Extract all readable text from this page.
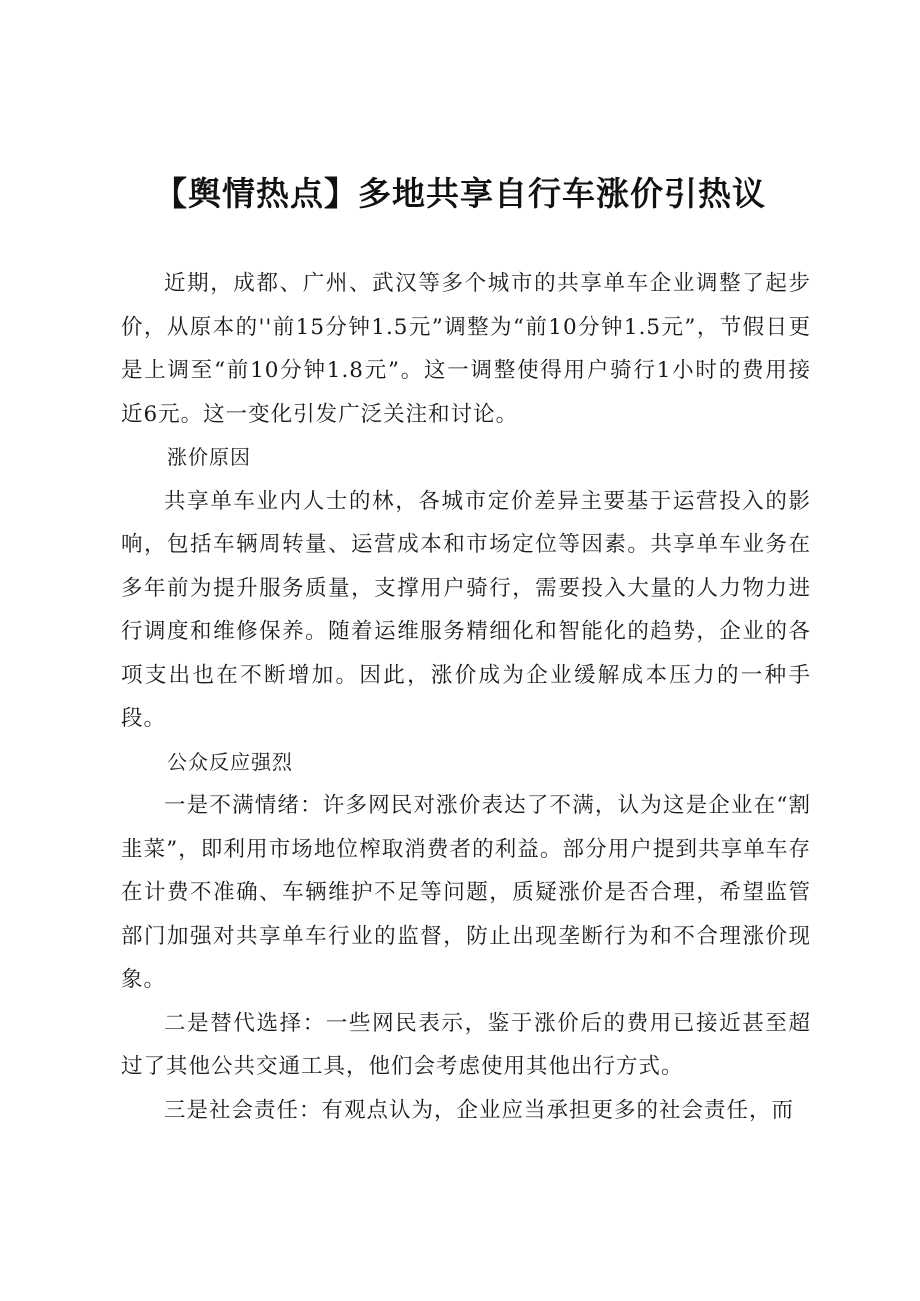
【舆情热点】多地共享自行车涨价引热议

近期，成都、广州、武汉等多个城市的共享单车企业调整了起步价，从原本的''前15分钟1.5元”调整为“前10分钟1.5元”，节假日更是上调至“前10分钟1.8元”。这一调整使得用户骑行1小时的费用接近6元。这一变化引发广泛关注和讨论。

涨价原因

共享单车业内人士的林，各城市定价差异主要基于运营投入的影响，包括车辆周转量、运营成本和市场定位等因素。共享单车业务在多年前为提升服务质量，支撑用户骑行，需要投入大量的人力物力进行调度和维修保养。随着运维服务精细化和智能化的趋势，企业的各项支出也在不断增加。因此，涨价成为企业缓解成本压力的一种手段。

公众反应强烈

一是不满情绪：许多网民对涨价表达了不满，认为这是企业在“割韭菜”，即利用市场地位榨取消费者的利益。部分用户提到共享单车存在计费不准确、车辆维护不足等问题，质疑涨价是否合理，希望监管部门加强对共享单车行业的监督，防止出现垄断行为和不合理涨价现象。

二是替代选择：一些网民表示，鉴于涨价后的费用已接近甚至超过了其他公共交通工具，他们会考虑使用其他出行方式。

三是社会责任：有观点认为，企业应当承担更多的社会责任，而
